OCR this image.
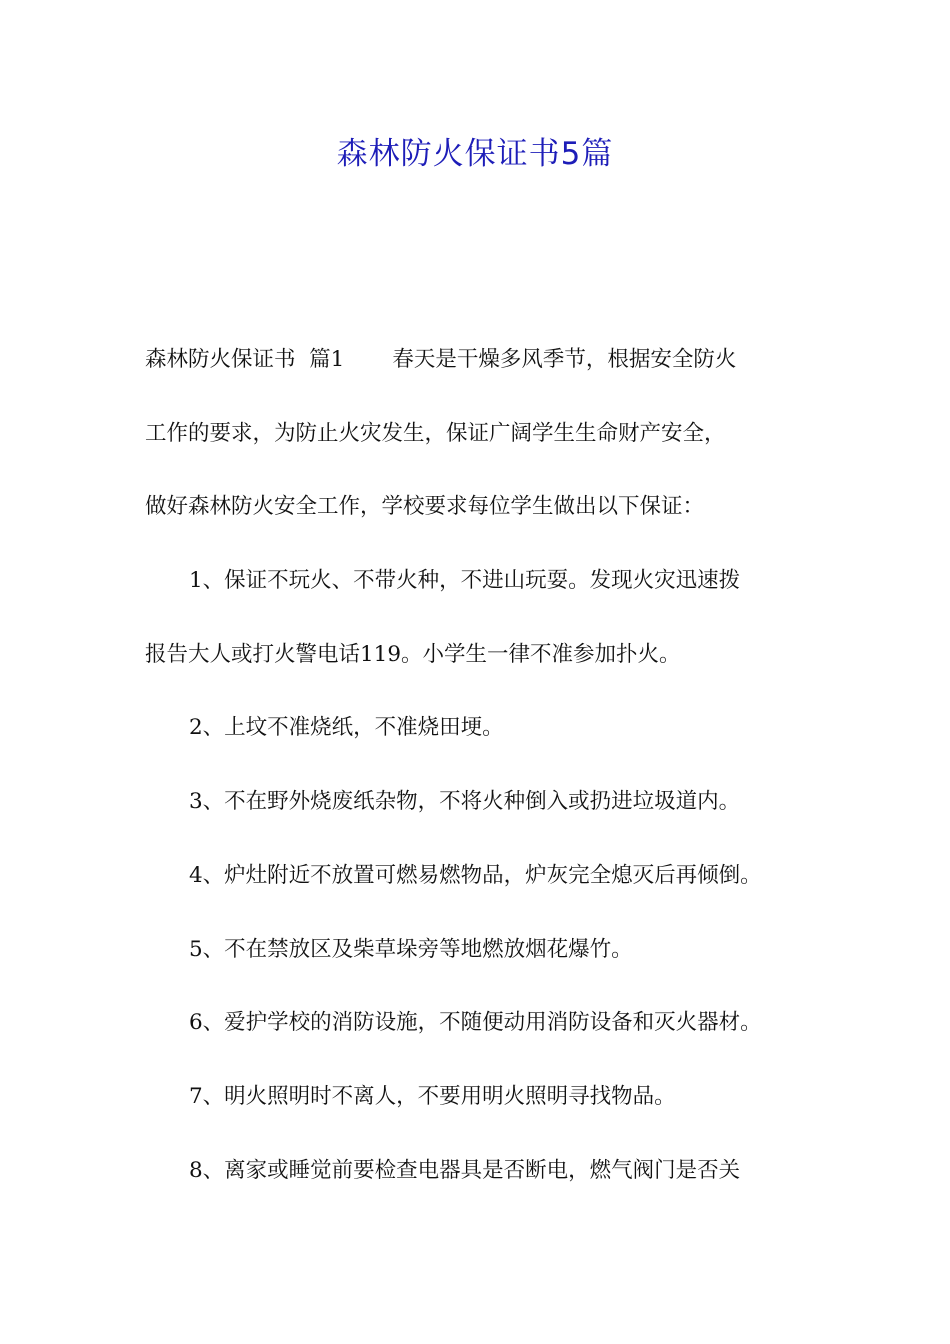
森林防火保证书5篇
森林防火保证书  篇1 春天是干燥多风季节，根据安全防火
工作的要求，为防止火灾发生，保证广阔学生生命财产安全，
做好森林防火安全工作，学校要求每位学生做出以下保证：
1、保证不玩火、不带火种，不进山玩耍。发现火灾迅速拨
报告大人或打火警电话119。小学生一律不准参加扑火。
2、上坟不准烧纸，不准烧田埂。
3、不在野外烧废纸杂物，不将火种倒入或扔进垃圾道内。
4、炉灶附近不放置可燃易燃物品，炉灰完全熄灭后再倾倒。
5、不在禁放区及柴草垛旁等地燃放烟花爆竹。
6、爱护学校的消防设施，不随便动用消防设备和灭火器材。
7、明火照明时不离人，不要用明火照明寻找物品。
8、离家或睡觉前要检查电器具是否断电，燃气阀门是否关
